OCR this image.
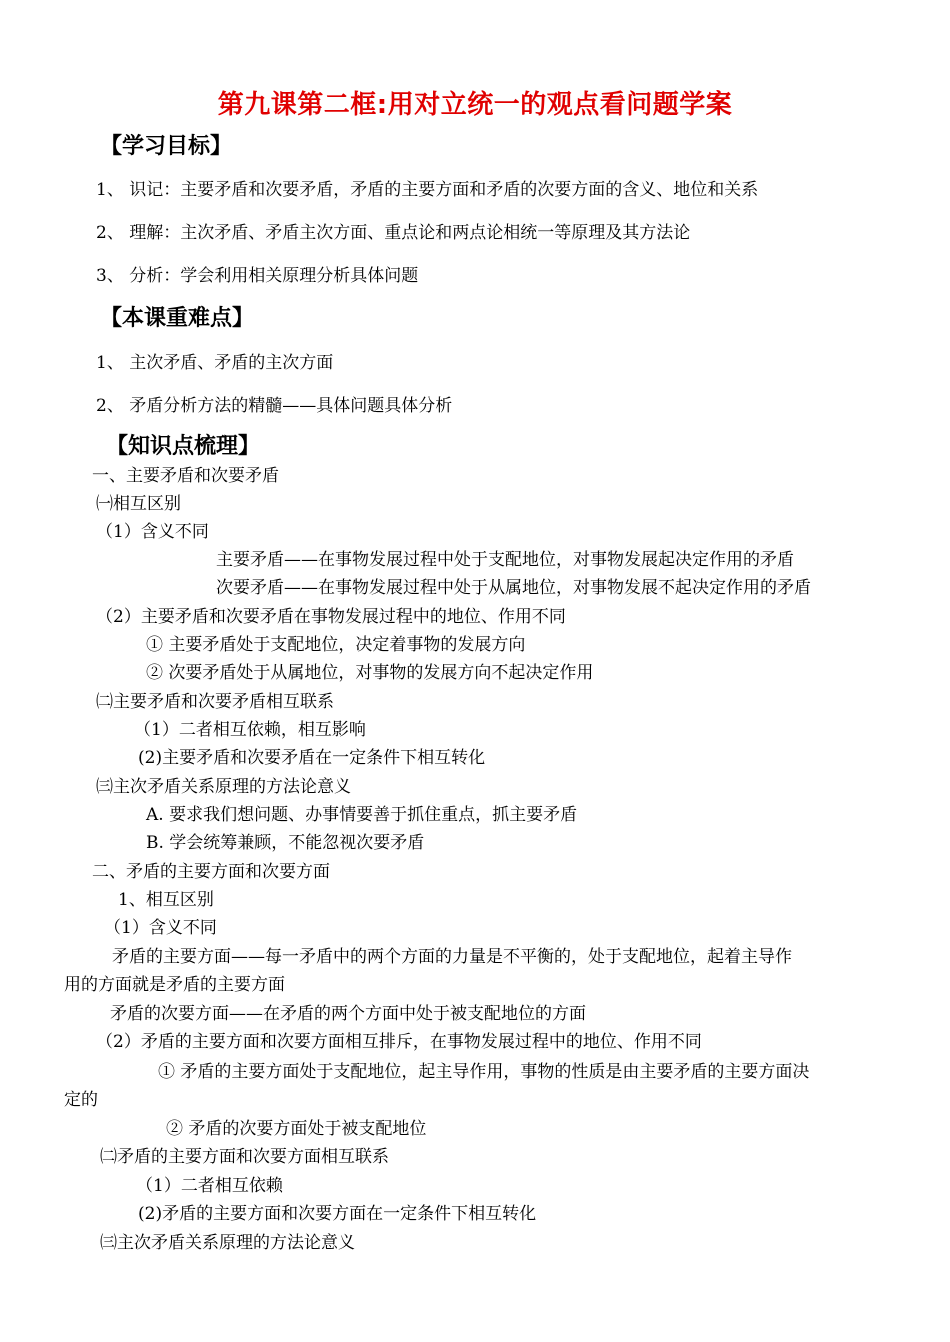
第九课第二框:用对立统一的观点看问题学案
【学习目标】
1、 识记：主要矛盾和次要矛盾，矛盾的主要方面和矛盾的次要方面的含义、地位和关系
2、 理解：主次矛盾、矛盾主次方面、重点论和两点论相统一等原理及其方法论
3、 分析：学会利用相关原理分析具体问题
【本课重难点】
1、 主次矛盾、矛盾的主次方面
2、 矛盾分析方法的精髓——具体问题具体分析
【知识点梳理】
一、主要矛盾和次要矛盾
㈠相互区别
（1）含义不同
主要矛盾——在事物发展过程中处于支配地位，对事物发展起决定作用的矛盾
次要矛盾——在事物发展过程中处于从属地位，对事物发展不起决定作用的矛盾
（2）主要矛盾和次要矛盾在事物发展过程中的地位、作用不同
① 主要矛盾处于支配地位，决定着事物的发展方向
② 次要矛盾处于从属地位，对事物的发展方向不起决定作用
㈡主要矛盾和次要矛盾相互联系
（1）二者相互依赖，相互影响
(2)主要矛盾和次要矛盾在一定条件下相互转化
㈢主次矛盾关系原理的方法论意义
A. 要求我们想问题、办事情要善于抓住重点，抓主要矛盾
B. 学会统筹兼顾，不能忽视次要矛盾
二、矛盾的主要方面和次要方面
1、相互区别
（1）含义不同
矛盾的主要方面——每一矛盾中的两个方面的力量是不平衡的，处于支配地位，起着主导作
用的方面就是矛盾的主要方面
矛盾的次要方面——在矛盾的两个方面中处于被支配地位的方面
（2）矛盾的主要方面和次要方面相互排斥，在事物发展过程中的地位、作用不同
① 矛盾的主要方面处于支配地位，起主导作用，事物的性质是由主要矛盾的主要方面决
定的
② 矛盾的次要方面处于被支配地位
㈡矛盾的主要方面和次要方面相互联系
（1）二者相互依赖
(2)矛盾的主要方面和次要方面在一定条件下相互转化
㈢主次矛盾关系原理的方法论意义
